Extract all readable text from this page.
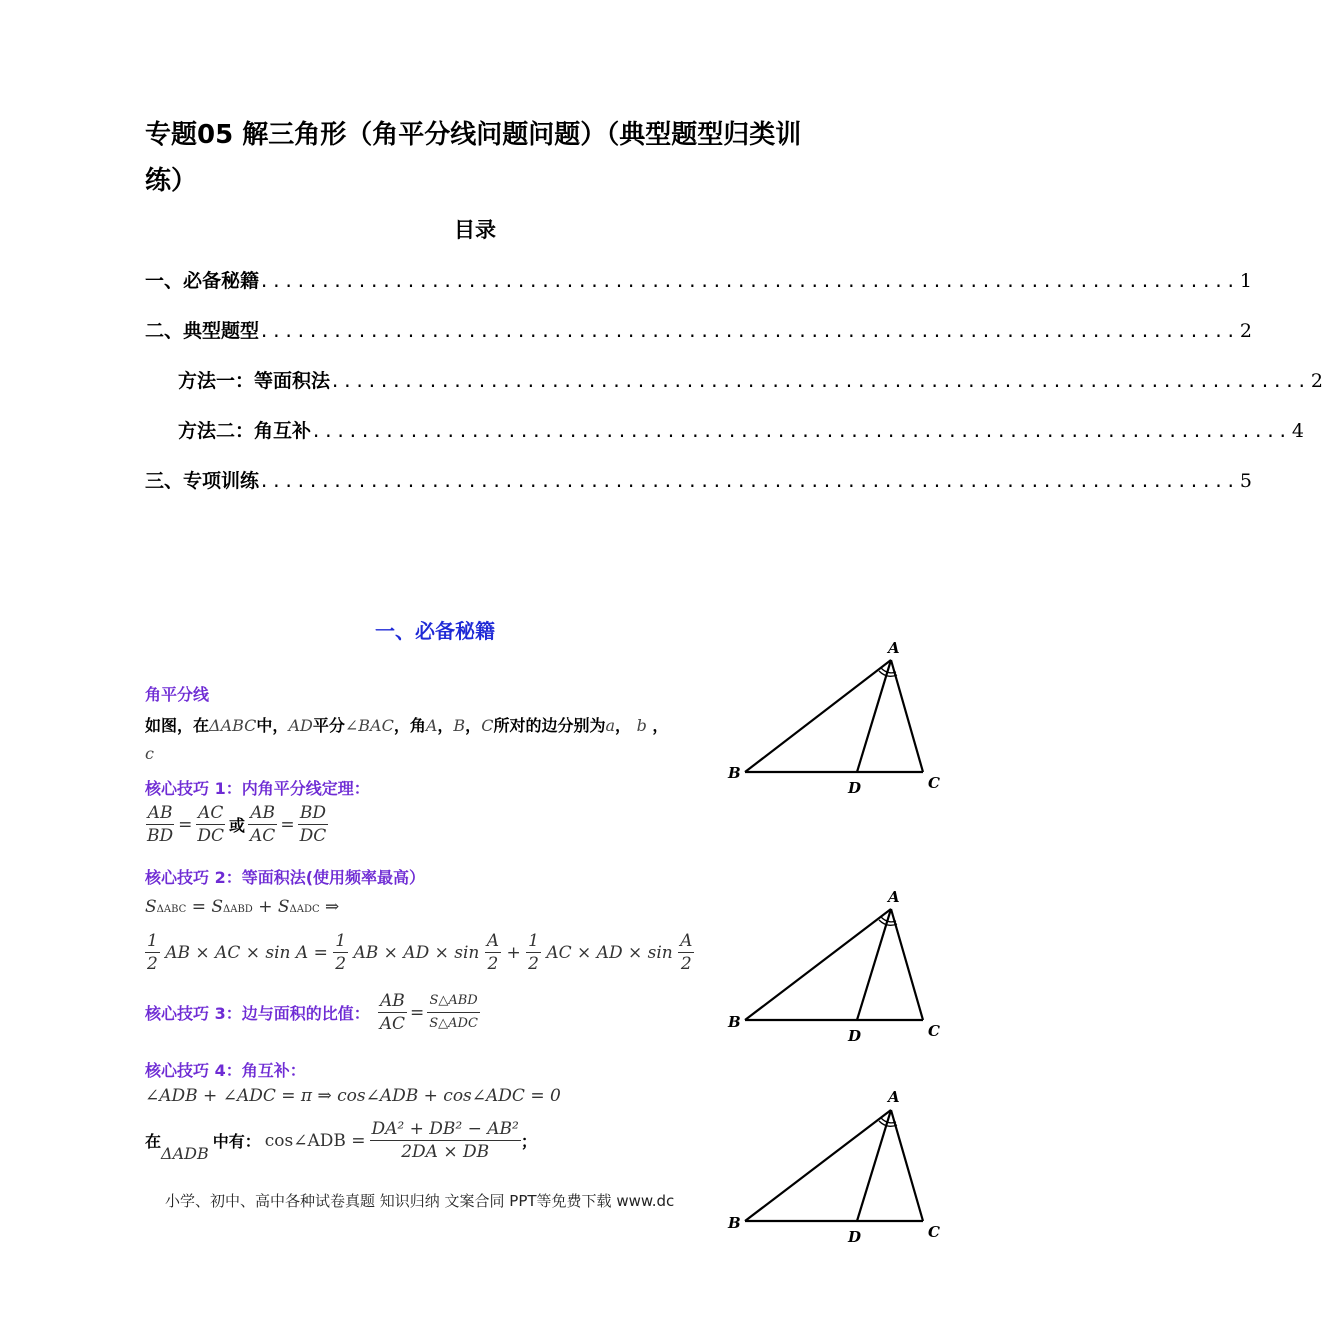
专题05 解三角形（角平分线问题问题）（典型题型归类训练）
目录
一、必备秘籍 ................................................................................ 1
二、典型题型 ................................................................................ 2
方法一：等面积法 ................................................................................ 2
方法二：角互补 ................................................................................ 4
三、专项训练 ................................................................................ 5
一、必备秘籍
角平分线
如图，在ΔABC中，AD平分∠BAC，角A，B，C所对的边分别为a， b ，
c
核心技巧 1：内角平分线定理：
$\frac{AB}{BD} = \frac{AC}{DC}$ 或 $\frac{AB}{AC} = \frac{BD}{DC}$
核心技巧 2：等面积法(使用频率最高）
SΔABC = SΔABD + SΔADC ⇒
$\frac{1}{2}$ AB × AC × $\sin A = \frac{1}{2}$ AB × AD × $\sin \frac{A}{2} + \frac{1}{2}$ AC × AD × $\sin \frac{A}{2}$
核心技巧 3：边与面积的比值： $\frac{AB}{AC} = \frac{\text{S△ABD}}{\text{S△ADC}}$
核心技巧 4：角互补：
∠ADB + ∠ADC = π ⇒ cos∠ADB + cos∠ADC = 0
在
ΔADB
中有： cos∠ADB = $\frac{\text{DA² + DB² − AB²}}{2DA \times DB}$ ；
小学、初中、高中各种试卷真题 知识归纳 文案合同 PPT等免费下载 www.dc
A
B
C
D
A
B	C
D
A
B	C
D
